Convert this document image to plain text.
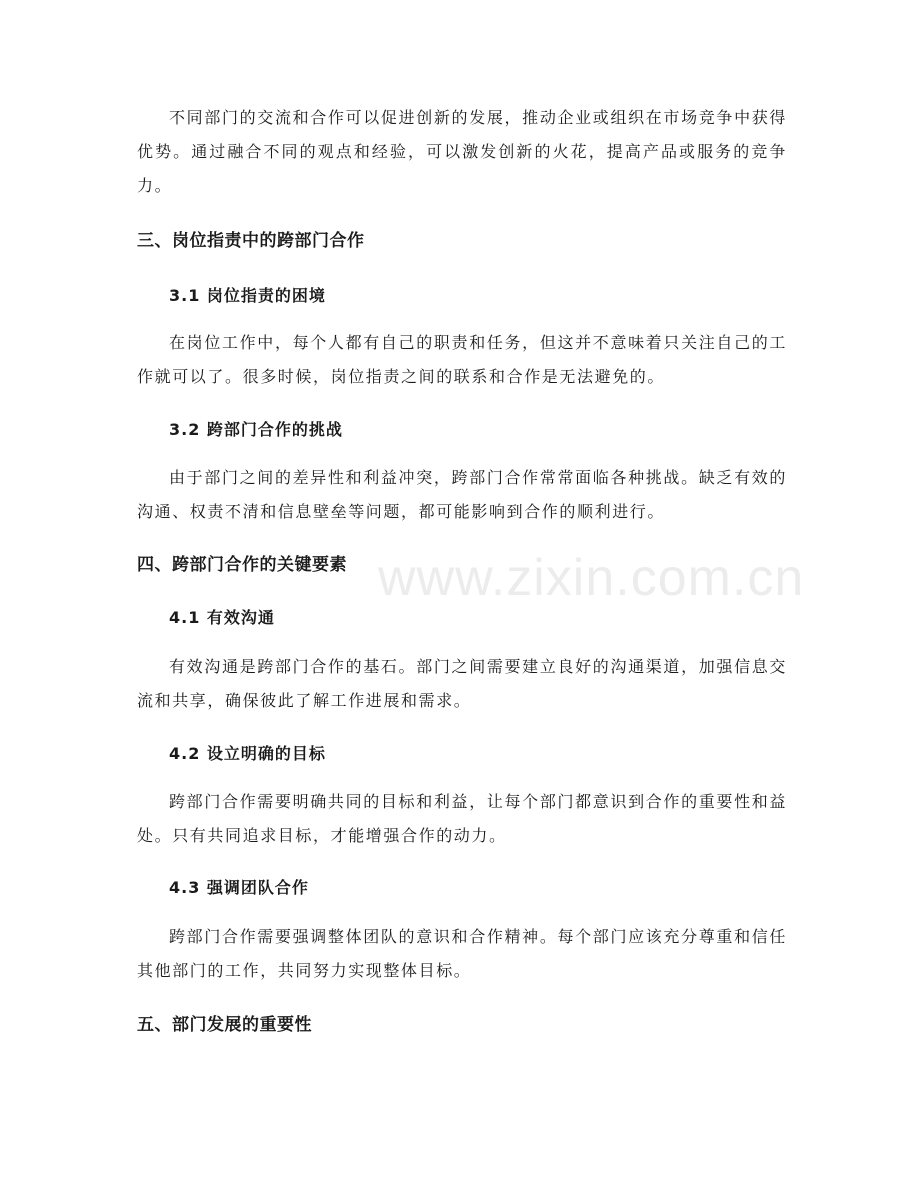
不同部门的交流和合作可以促进创新的发展，推动企业或组织在市场竞争中获得优势。通过融合不同的观点和经验，可以激发创新的火花，提高产品或服务的竞争力。

三、岗位指责中的跨部门合作
3.1 岗位指责的困境

在岗位工作中，每个人都有自己的职责和任务，但这并不意味着只关注自己的工作就可以了。很多时候，岗位指责之间的联系和合作是无法避免的。

3.2 跨部门合作的挑战

由于部门之间的差异性和利益冲突，跨部门合作常常面临各种挑战。缺乏有效的沟通、权责不清和信息壁垒等问题，都可能影响到合作的顺利进行。

四、跨部门合作的关键要素
4.1 有效沟通

有效沟通是跨部门合作的基石。部门之间需要建立良好的沟通渠道，加强信息交流和共享，确保彼此了解工作进展和需求。

4.2 设立明确的目标

跨部门合作需要明确共同的目标和利益，让每个部门都意识到合作的重要性和益处。只有共同追求目标，才能增强合作的动力。

4.3 强调团队合作

跨部门合作需要强调整体团队的意识和合作精神。每个部门应该充分尊重和信任其他部门的工作，共同努力实现整体目标。

五、部门发展的重要性
www.zixin.com.cn
